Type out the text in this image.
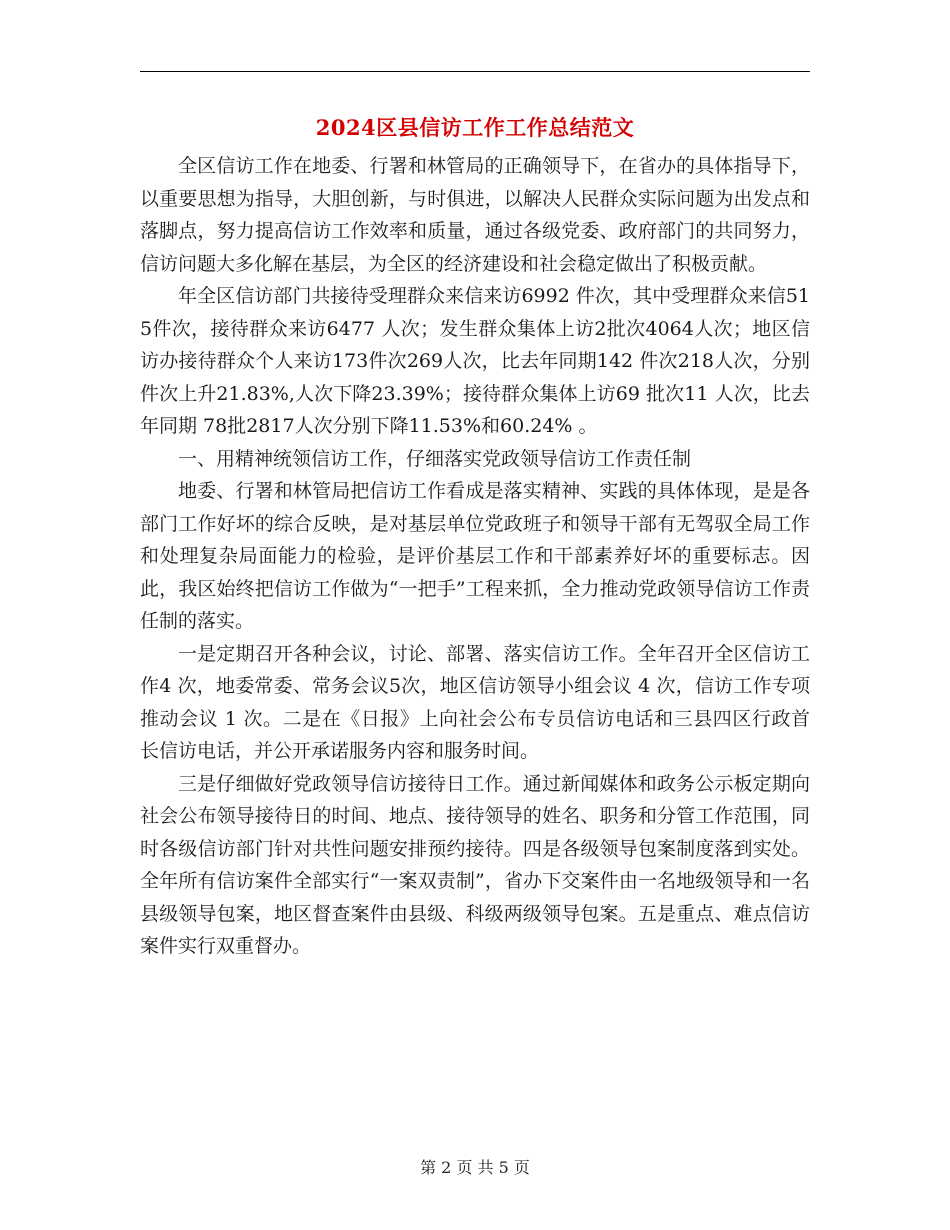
2024区县信访工作工作总结范文

全区信访工作在地委、行署和林管局的正确领导下，在省办的具体指导下，以重要思想为指导，大胆创新，与时俱进，以解决人民群众实际问题为出发点和落脚点，努力提高信访工作效率和质量，通过各级党委、政府部门的共同努力，信访问题大多化解在基层，为全区的经济建设和社会稳定做出了积极贡献。

年全区信访部门共接待受理群众来信来访6992 件次，其中受理群众来信515件次，接待群众来访6477 人次；发生群众集体上访2批次4064人次；地区信访办接待群众个人来访173件次269人次，比去年同期142 件次218人次，分别件次上升21.83%,人次下降23.39%；接待群众集体上访69 批次11 人次，比去年同期 78批2817人次分别下降11.53%和60.24% 。

一、用精神统领信访工作，仔细落实党政领导信访工作责任制

地委、行署和林管局把信访工作看成是落实精神、实践的具体体现，是是各部门工作好坏的综合反映，是对基层单位党政班子和领导干部有无驾驭全局工作和处理复杂局面能力的检验，是评价基层工作和干部素养好坏的重要标志。因此，我区始终把信访工作做为“一把手”工程来抓，全力推动党政领导信访工作责任制的落实。

一是定期召开各种会议，讨论、部署、落实信访工作。全年召开全区信访工作4 次，地委常委、常务会议5次，地区信访领导小组会议 4 次，信访工作专项推动会议 1 次。二是在《日报》上向社会公布专员信访电话和三县四区行政首长信访电话，并公开承诺服务内容和服务时间。

三是仔细做好党政领导信访接待日工作。通过新闻媒体和政务公示板定期向社会公布领导接待日的时间、地点、接待领导的姓名、职务和分管工作范围，同时各级信访部门针对共性问题安排预约接待。四是各级领导包案制度落到实处。全年所有信访案件全部实行“一案双责制”，省办下交案件由一名地级领导和一名县级领导包案，地区督查案件由县级、科级两级领导包案。五是重点、难点信访案件实行双重督办。

第 2 页 共 5 页
